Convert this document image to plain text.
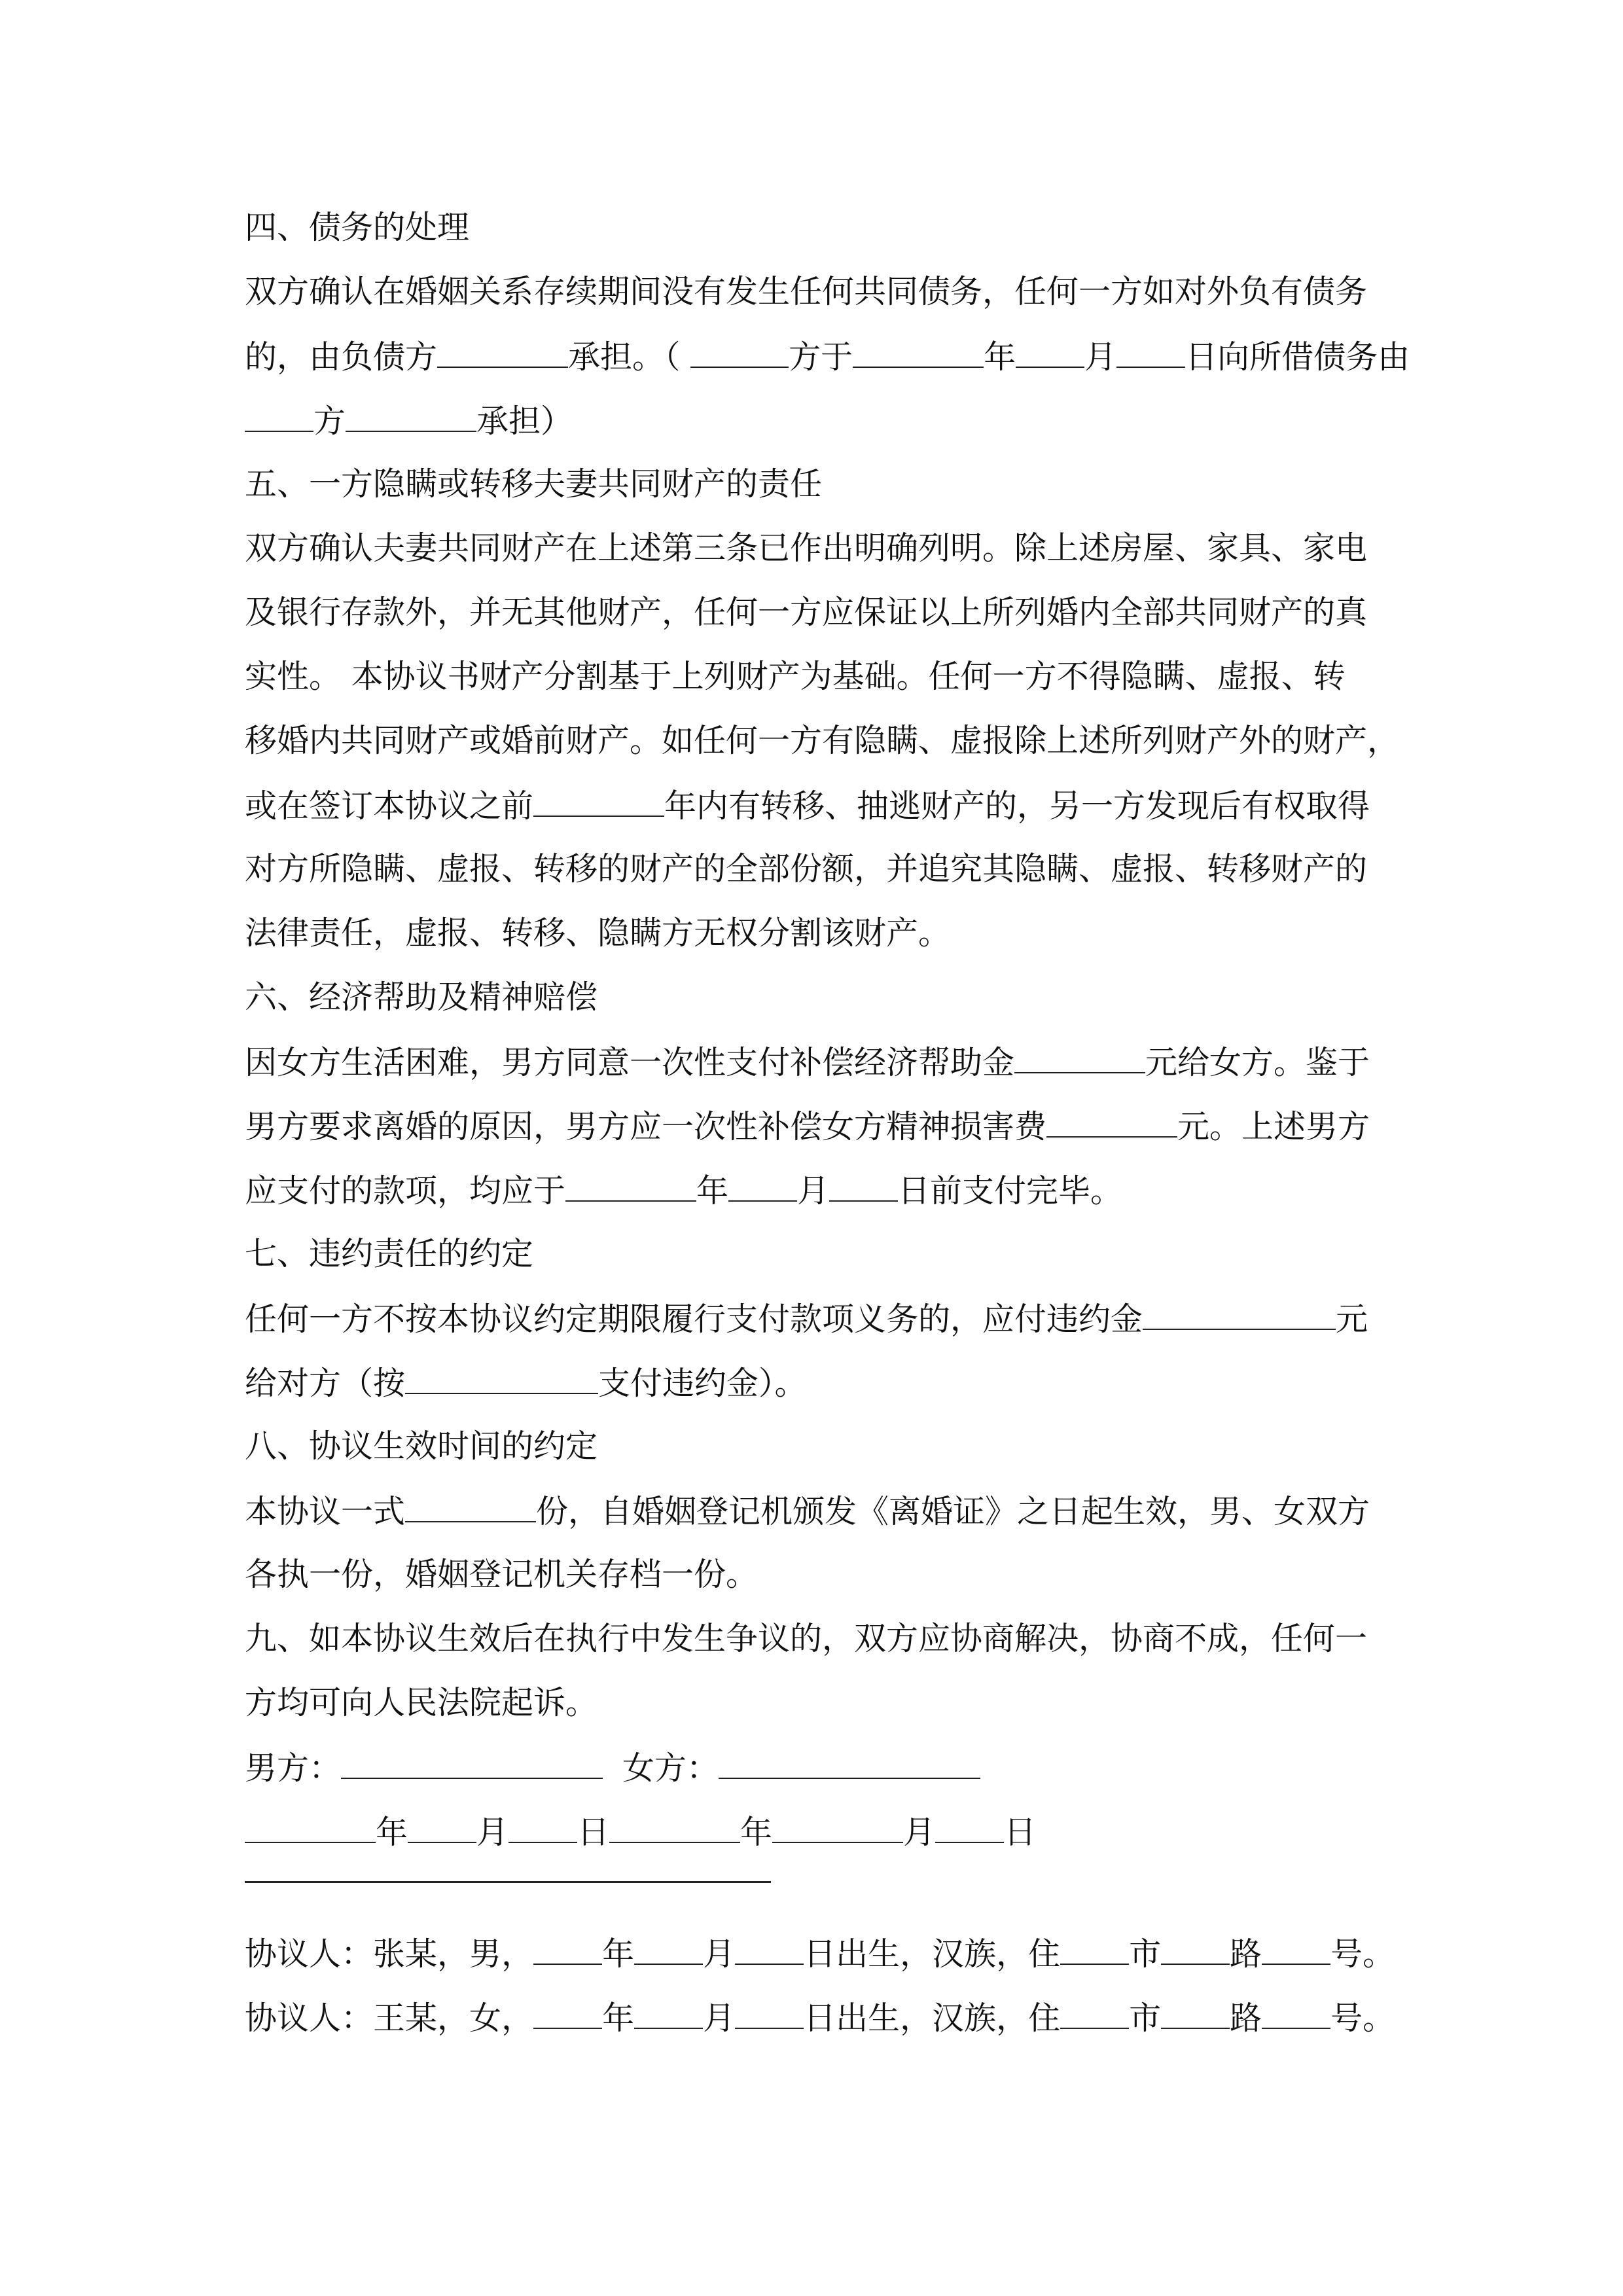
四、债务的处理
双方确认在婚姻关系存续期间没有发生任何共同债务，任何一方如对外负有债务
的，由负债方	承担。（	方于	年 月 日向所借债务由
方	承担）
五、一方隐瞒或转移夫妻共同财产的责任
双方确认夫妻共同财产在上述第三条已作出明确列明。除上述房屋、家具、家电
及银行存款外，并无其他财产，任何一方应保证以上所列婚内全部共同财产的真
实性。 本协议书财产分割基于上列财产为基础。任何一方不得隐瞒、虚报、转
移婚内共同财产或婚前财产。如任何一方有隐瞒、虚报除上述所列财产外的财产，
或在签订本协议之前	年内有转移、抽逃财产的，另一方发现后有权取得
对方所隐瞒、虚报、转移的财产的全部份额，并追究其隐瞒、虚报、转移财产的
法律责任，虚报、转移、隐瞒方无权分割该财产。
六、经济帮助及精神赔偿
因女方生活困难，男方同意一次性支付补偿经济帮助金	元给女方。鉴于
男方要求离婚的原因，男方应一次性补偿女方精神损害费	元。上述男方
应支付的款项，均应于	年 月 日前支付完毕。
七、违约责任的约定
任何一方不按本协议约定期限履行支付款项义务的，应付违约金	元
给对方（按	支付违约金）。
八、协议生效时间的约定
本协议一式	份，自婚姻登记机颁发《离婚证》之日起生效，男、女双方
各执一份，婚姻登记机关存档一份。
九、如本协议生效后在执行中发生争议的，双方应协商解决，协商不成，任何一
方均可向人民法院起诉。
男方：	女方：
年 月 日	年	月 日
协议人：张某，男， 年 月 日出生，汉族，住 市 路 号。
协议人：王某，女， 年 月 日出生，汉族，住 市 路 号。
